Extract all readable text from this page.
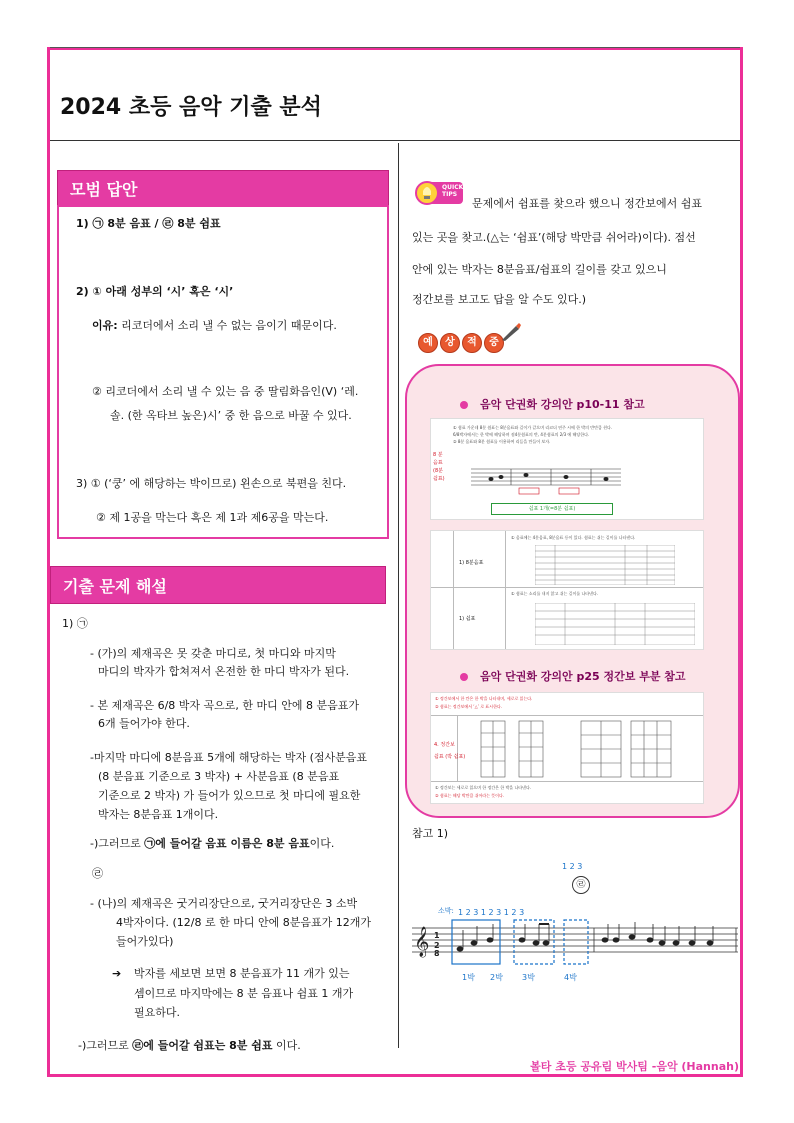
2024 초등 음악 기출 분석
모범 답안
1) ㉠ 8분 음표 / ㉣ 8분 쉼표
2) ① 아래 성부의 ‘시’ 혹은 ‘시’
이유: 리코더에서 소리 낼 수 없는 음이기 때문이다.
② 리코더에서 소리 낼 수 있는 음 중 딸림화음인(V) ‘레.
솔. (한 옥타브 높은)시’ 중 한 음으로 바꿀 수 있다.
3) ① (‘쿵’ 에 해당하는 박이므로) 왼손으로 북편을 친다.
② 제 1공을 막는다 혹은 제 1과 제6공을 막는다.
기출 문제 해설
1) ㉠
- (가)의 제재곡은 못 갖춘 마디로, 첫 마디와 마지막
마디의 박자가 합쳐져서 온전한 한 마디 박자가 된다.
- 본 제재곡은 6/8 박자 곡으로, 한 마디 안에 8 분음표가
6개 들어가야 한다.
-마지막 마디에 8분음표 5개에 해당하는 박자 (점사분음표
(8 분음표 기준으로 3 박자) + 사분음표 (8 분음표
기준으로 2 박자) 가 들어가 있으므로 첫 마디에 필요한
박자는 8분음표 1개이다.
-)그러므로 ㉠에 들어갈 음표 이름은 8분 음표이다.
㉣
- (나)의 제재곡은 굿거리장단으로, 굿거리장단은 3 소박
4박자이다. (12/8 로 한 마디 안에 8분음표가 12개가
들어가있다)
➔ 박자를 세보면 보면 8 분음표가 11 개가 있는
셈이므로 마지막에는 8 분 음표나 쉼표 1 개가
필요하다.
-)그러므로 ㉣에 들어갈 쉼표는 8분 쉼표 이다.
QUICK
TIPS
문제에서 쉼표를 찾으라 했으니 정간보에서 쉼표
있는 곳을 찾고.(△는 ‘쉼표’(해당 박만큼 쉬어라)이다). 점선
안에 있는 박자는 8분음표/쉼표의 길이를 갖고 있으니
정간보를 보고도 답을 알 수도 있다.)
예 상 적 중
음악 단권화 강의안 p10-11 참고
8 분음표 (8분 쉼표)
① 쉼표 가운데 8분 쉼표는 8분음표와 길이가 같으며 리코더 연주 시에 한 박의 반만큼 쉰다.
6/8박자에서는 한 박에 해당하며 점4분쉼표의 반, 4분쉼표의 2/3 에 해당한다.
② 8분 음표와 8분 쉼표를 이용하여 리듬을 만들어 보자.
쉼표 1개(=8분 쉼표)
1) 8분음표
1) 쉼표
① 음표에는 4분음표, 8분음표 등이 있다. 쉼표는 쉬는 길이를 나타낸다.
① 쉼표는 소리를 내지 않고 쉬는 길이를 나타낸다.
음악 단권화 강의안 p25 정간보 부분 참고
① 정간보에서 한 칸은 한 박을 나타내며, 세로로 읽는다.
② 쉼표는 정간보에서 ‘△’ 로 표시한다.
4. 정간보
쉼표 (박 쉼표)
① 정간보는 세로로 읽으며 한 정간은 한 박을 나타낸다.
② 쉼표는 해당 박만큼 쉬어라는 뜻이다.
참고 1)
1 2 3
소박: 1 2 3 1 2 3 1 2 3
㉣
𝄞 1
2
8
1박 2박 3박	4박
볼타 초등 공유림 박사팀 -음악 (Hannah)
